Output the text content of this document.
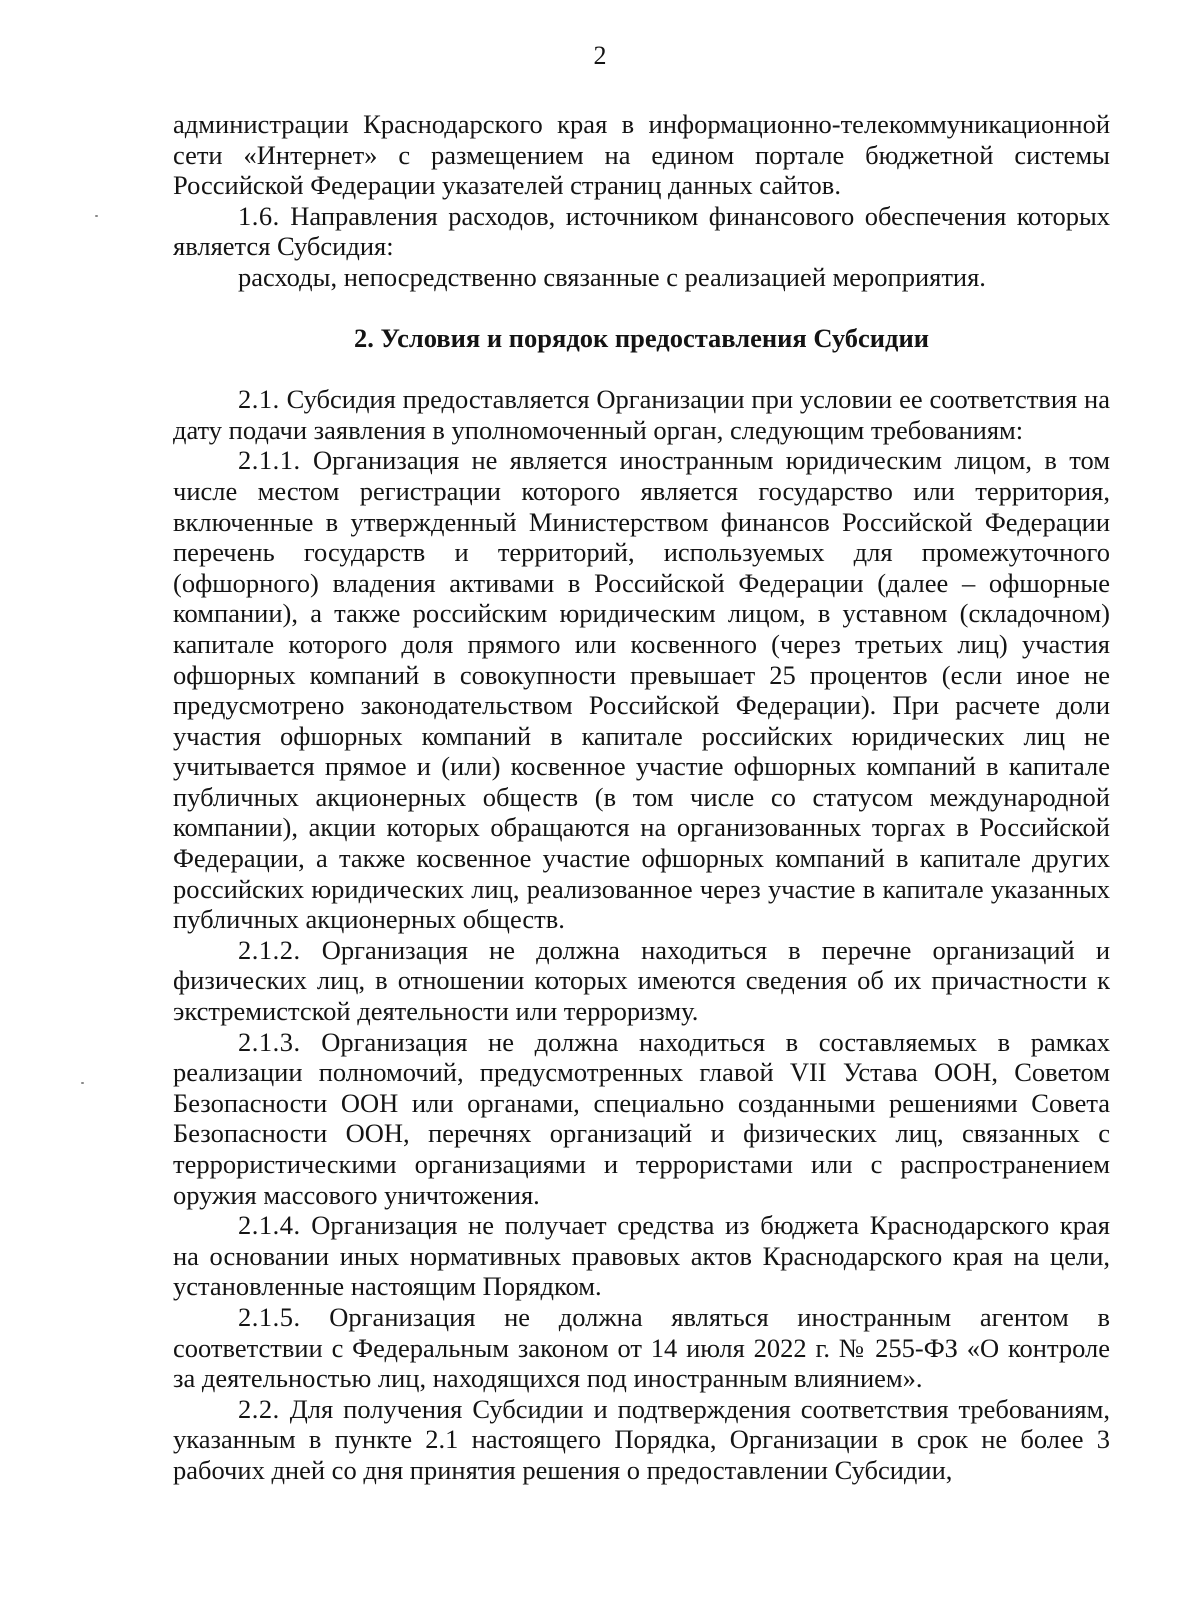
2

администрации Краснодарского края в информационно-телекоммуникационной сети «Интернет» с размещением на едином портале бюджетной системы Российской Федерации указателей страниц данных сайтов.

1.6. Направления расходов, источником финансового обеспечения которых является Субсидия:

расходы, непосредственно связанные с реализацией мероприятия.

2. Условия и порядок предоставления Субсидии

2.1. Субсидия предоставляется Организации при условии ее соответствия на дату подачи заявления в уполномоченный орган, следующим требованиям:

2.1.1. Организация не является иностранным юридическим лицом, в том числе местом регистрации которого является государство или территория, включенные в утвержденный Министерством финансов Российской Федерации перечень государств и территорий, используемых для промежуточного (офшорного) владения активами в Российской Федерации (далее – офшорные компании), а также российским юридическим лицом, в уставном (складочном) капитале которого доля прямого или косвенного (через третьих лиц) участия офшорных компаний в совокупности превышает 25 процентов (если иное не предусмотрено законодательством Российской Федерации). При расчете доли участия офшорных компаний в капитале российских юридических лиц не учитывается прямое и (или) косвенное участие офшорных компаний в капитале публичных акционерных обществ (в том числе со статусом международной компании), акции которых обращаются на организованных торгах в Российской Федерации, а также косвенное участие офшорных компаний в капитале других российских юридических лиц, реализованное через участие в капитале указанных публичных акционерных обществ.

2.1.2. Организация не должна находиться в перечне организаций и физических лиц, в отношении которых имеются сведения об их причастности к экстремистской деятельности или терроризму.

2.1.3. Организация не должна находиться в составляемых в рамках реализации полномочий, предусмотренных главой VII Устава ООН, Советом Безопасности ООН или органами, специально созданными решениями Совета Безопасности ООН, перечнях организаций и физических лиц, связанных с террористическими организациями и террористами или с распространением оружия массового уничтожения.

2.1.4. Организация не получает средства из бюджета Краснодарского края на основании иных нормативных правовых актов Краснодарского края на цели, установленные настоящим Порядком.

2.1.5. Организация не должна являться иностранным агентом в соответствии с Федеральным законом от 14 июля 2022 г. № 255-ФЗ «О контроле за деятельностью лиц, находящихся под иностранным влиянием».

2.2. Для получения Субсидии и подтверждения соответствия требованиям, указанным в пункте 2.1 настоящего Порядка, Организации в срок не более 3 рабочих дней со дня принятия решения о предоставлении Субсидии,
